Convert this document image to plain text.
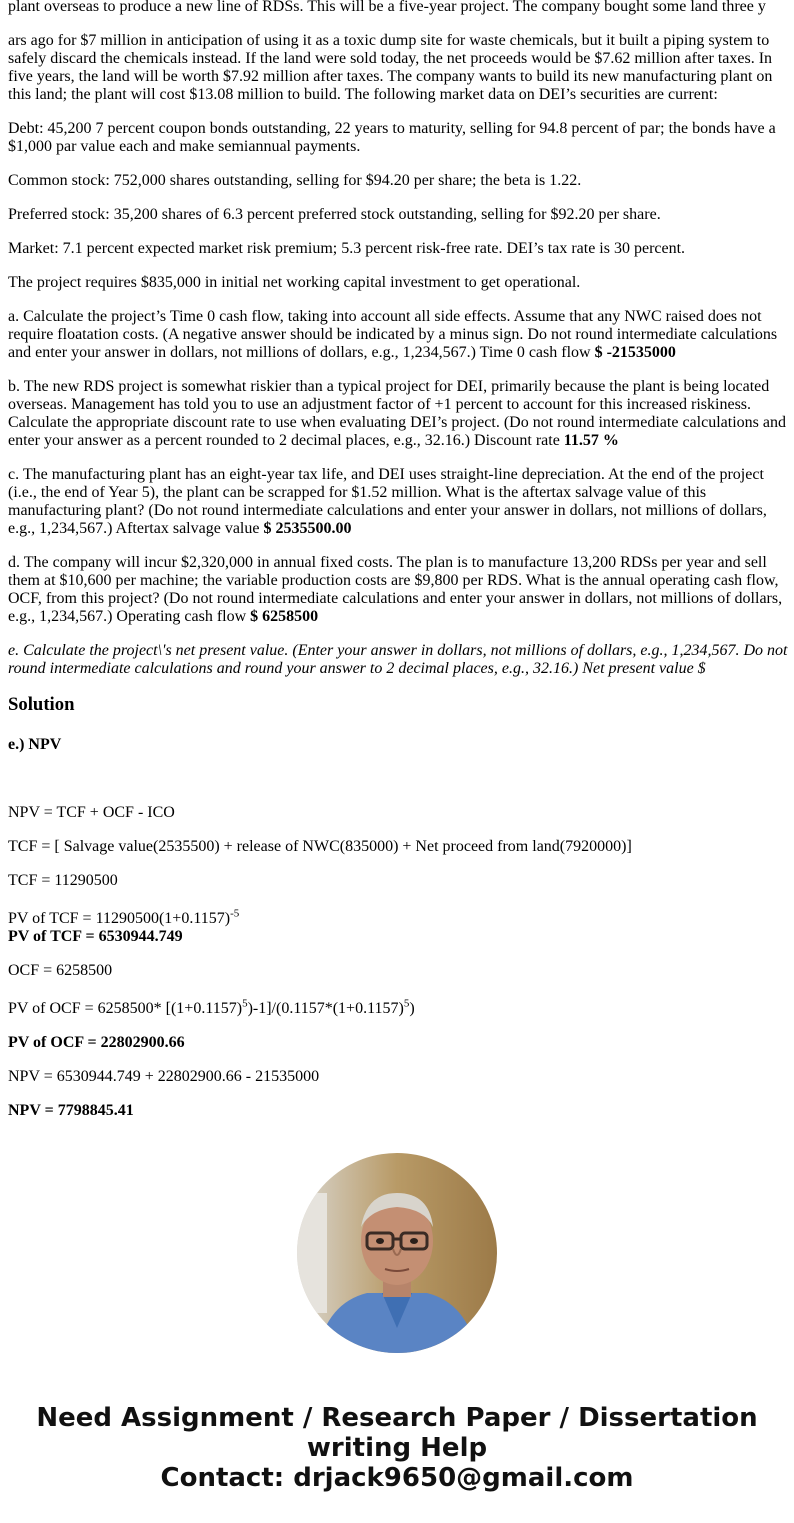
plant overseas to produce a new line of RDSs. This will be a five-year project. The company bought some land three y

ars ago for $7 million in anticipation of using it as a toxic dump site for waste chemicals, but it built a piping system to safely discard the chemicals instead. If the land were sold today, the net proceeds would be $7.62 million after taxes. In five years, the land will be worth $7.92 million after taxes. The company wants to build its new manufacturing plant on this land; the plant will cost $13.08 million to build. The following market data on DEI’s securities are current:

Debt: 45,200 7 percent coupon bonds outstanding, 22 years to maturity, selling for 94.8 percent of par; the bonds have a $1,000 par value each and make semiannual payments.

Common stock: 752,000 shares outstanding, selling for $94.20 per share; the beta is 1.22.

Preferred stock: 35,200 shares of 6.3 percent preferred stock outstanding, selling for $92.20 per share.

Market: 7.1 percent expected market risk premium; 5.3 percent risk-free rate. DEI’s tax rate is 30 percent.

The project requires $835,000 in initial net working capital investment to get operational.

a. Calculate the project’s Time 0 cash flow, taking into account all side effects. Assume that any NWC raised does not require floatation costs. (A negative answer should be indicated by a minus sign. Do not round intermediate calculations and enter your answer in dollars, not millions of dollars, e.g., 1,234,567.) Time 0 cash flow $ -21535000

b. The new RDS project is somewhat riskier than a typical project for DEI, primarily because the plant is being located overseas. Management has told you to use an adjustment factor of +1 percent to account for this increased riskiness. Calculate the appropriate discount rate to use when evaluating DEI’s project. (Do not round intermediate calculations and enter your answer as a percent rounded to 2 decimal places, e.g., 32.16.) Discount rate 11.57 %

c. The manufacturing plant has an eight-year tax life, and DEI uses straight-line depreciation. At the end of the project (i.e., the end of Year 5), the plant can be scrapped for $1.52 million. What is the aftertax salvage value of this manufacturing plant? (Do not round intermediate calculations and enter your answer in dollars, not millions of dollars, e.g., 1,234,567.) Aftertax salvage value $ 2535500.00

d. The company will incur $2,320,000 in annual fixed costs. The plan is to manufacture 13,200 RDSs per year and sell them at $10,600 per machine; the variable production costs are $9,800 per RDS. What is the annual operating cash flow, OCF, from this project? (Do not round intermediate calculations and enter your answer in dollars, not millions of dollars, e.g., 1,234,567.) Operating cash flow $ 6258500

e. Calculate the project\'s net present value. (Enter your answer in dollars, not millions of dollars, e.g., 1,234,567. Do not round intermediate calculations and round your answer to 2 decimal places, e.g., 32.16.) Net present value $

Solution
e.) NPV

NPV = TCF + OCF - ICO

TCF = [ Salvage value(2535500) + release of NWC(835000) + Net proceed from land(7920000)]

TCF = 11290500

PV of TCF = $11290500(1+0.1157)^{-5}$

PV of TCF = 6530944.749

OCF = 6258500

PV of OCF = 6258500* $[(1+0.1157)^5)-1]/(0.1157*(1+0.1157)^5)$

PV of OCF = 22802900.66

NPV = 6530944.749 + 22802900.66 - 21535000

NPV = 7798845.41

Need Assignment / Research Paper / Dissertation
writing Help
Contact: drjack9650@gmail.com
